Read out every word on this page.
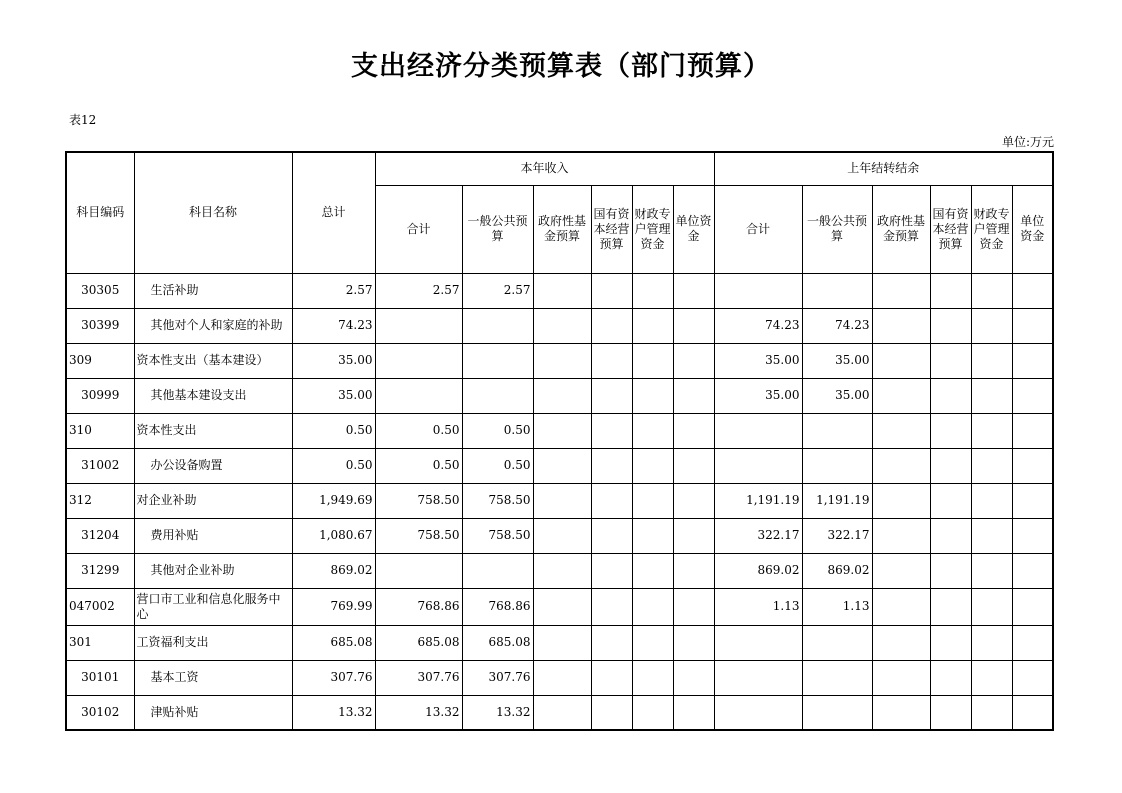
支出经济分类预算表（部门预算）
表12
单位:万元
科目编码	科目名称	总计	本年收入						上年结转结余					
			合计	一般公共预算	政府性基金预算	国有资本经营预算	财政专户管理资金	单位资金	合计	一般公共预算	政府性基金预算	国有资本经营预算	财政专户管理资金	单位资金
30305	生活补助	2.57	2.57	2.57										
30399	其他对个人和家庭的补助	74.23							74.23	74.23				
309	资本性支出（基本建设）	35.00							35.00	35.00				
30999	其他基本建设支出	35.00							35.00	35.00				
310	资本性支出	0.50	0.50	0.50										
31002	办公设备购置	0.50	0.50	0.50										
312	对企业补助	1,949.69	758.50	758.50					1,191.19	1,191.19				
31204	费用补贴	1,080.67	758.50	758.50					322.17	322.17				
31299	其他对企业补助	869.02							869.02	869.02				
047002	营口市工业和信息化服务中心	769.99	768.86	768.86					1.13	1.13				
301	工资福利支出	685.08	685.08	685.08										
30101	基本工资	307.76	307.76	307.76										
30102	津贴补贴	13.32	13.32	13.32										
